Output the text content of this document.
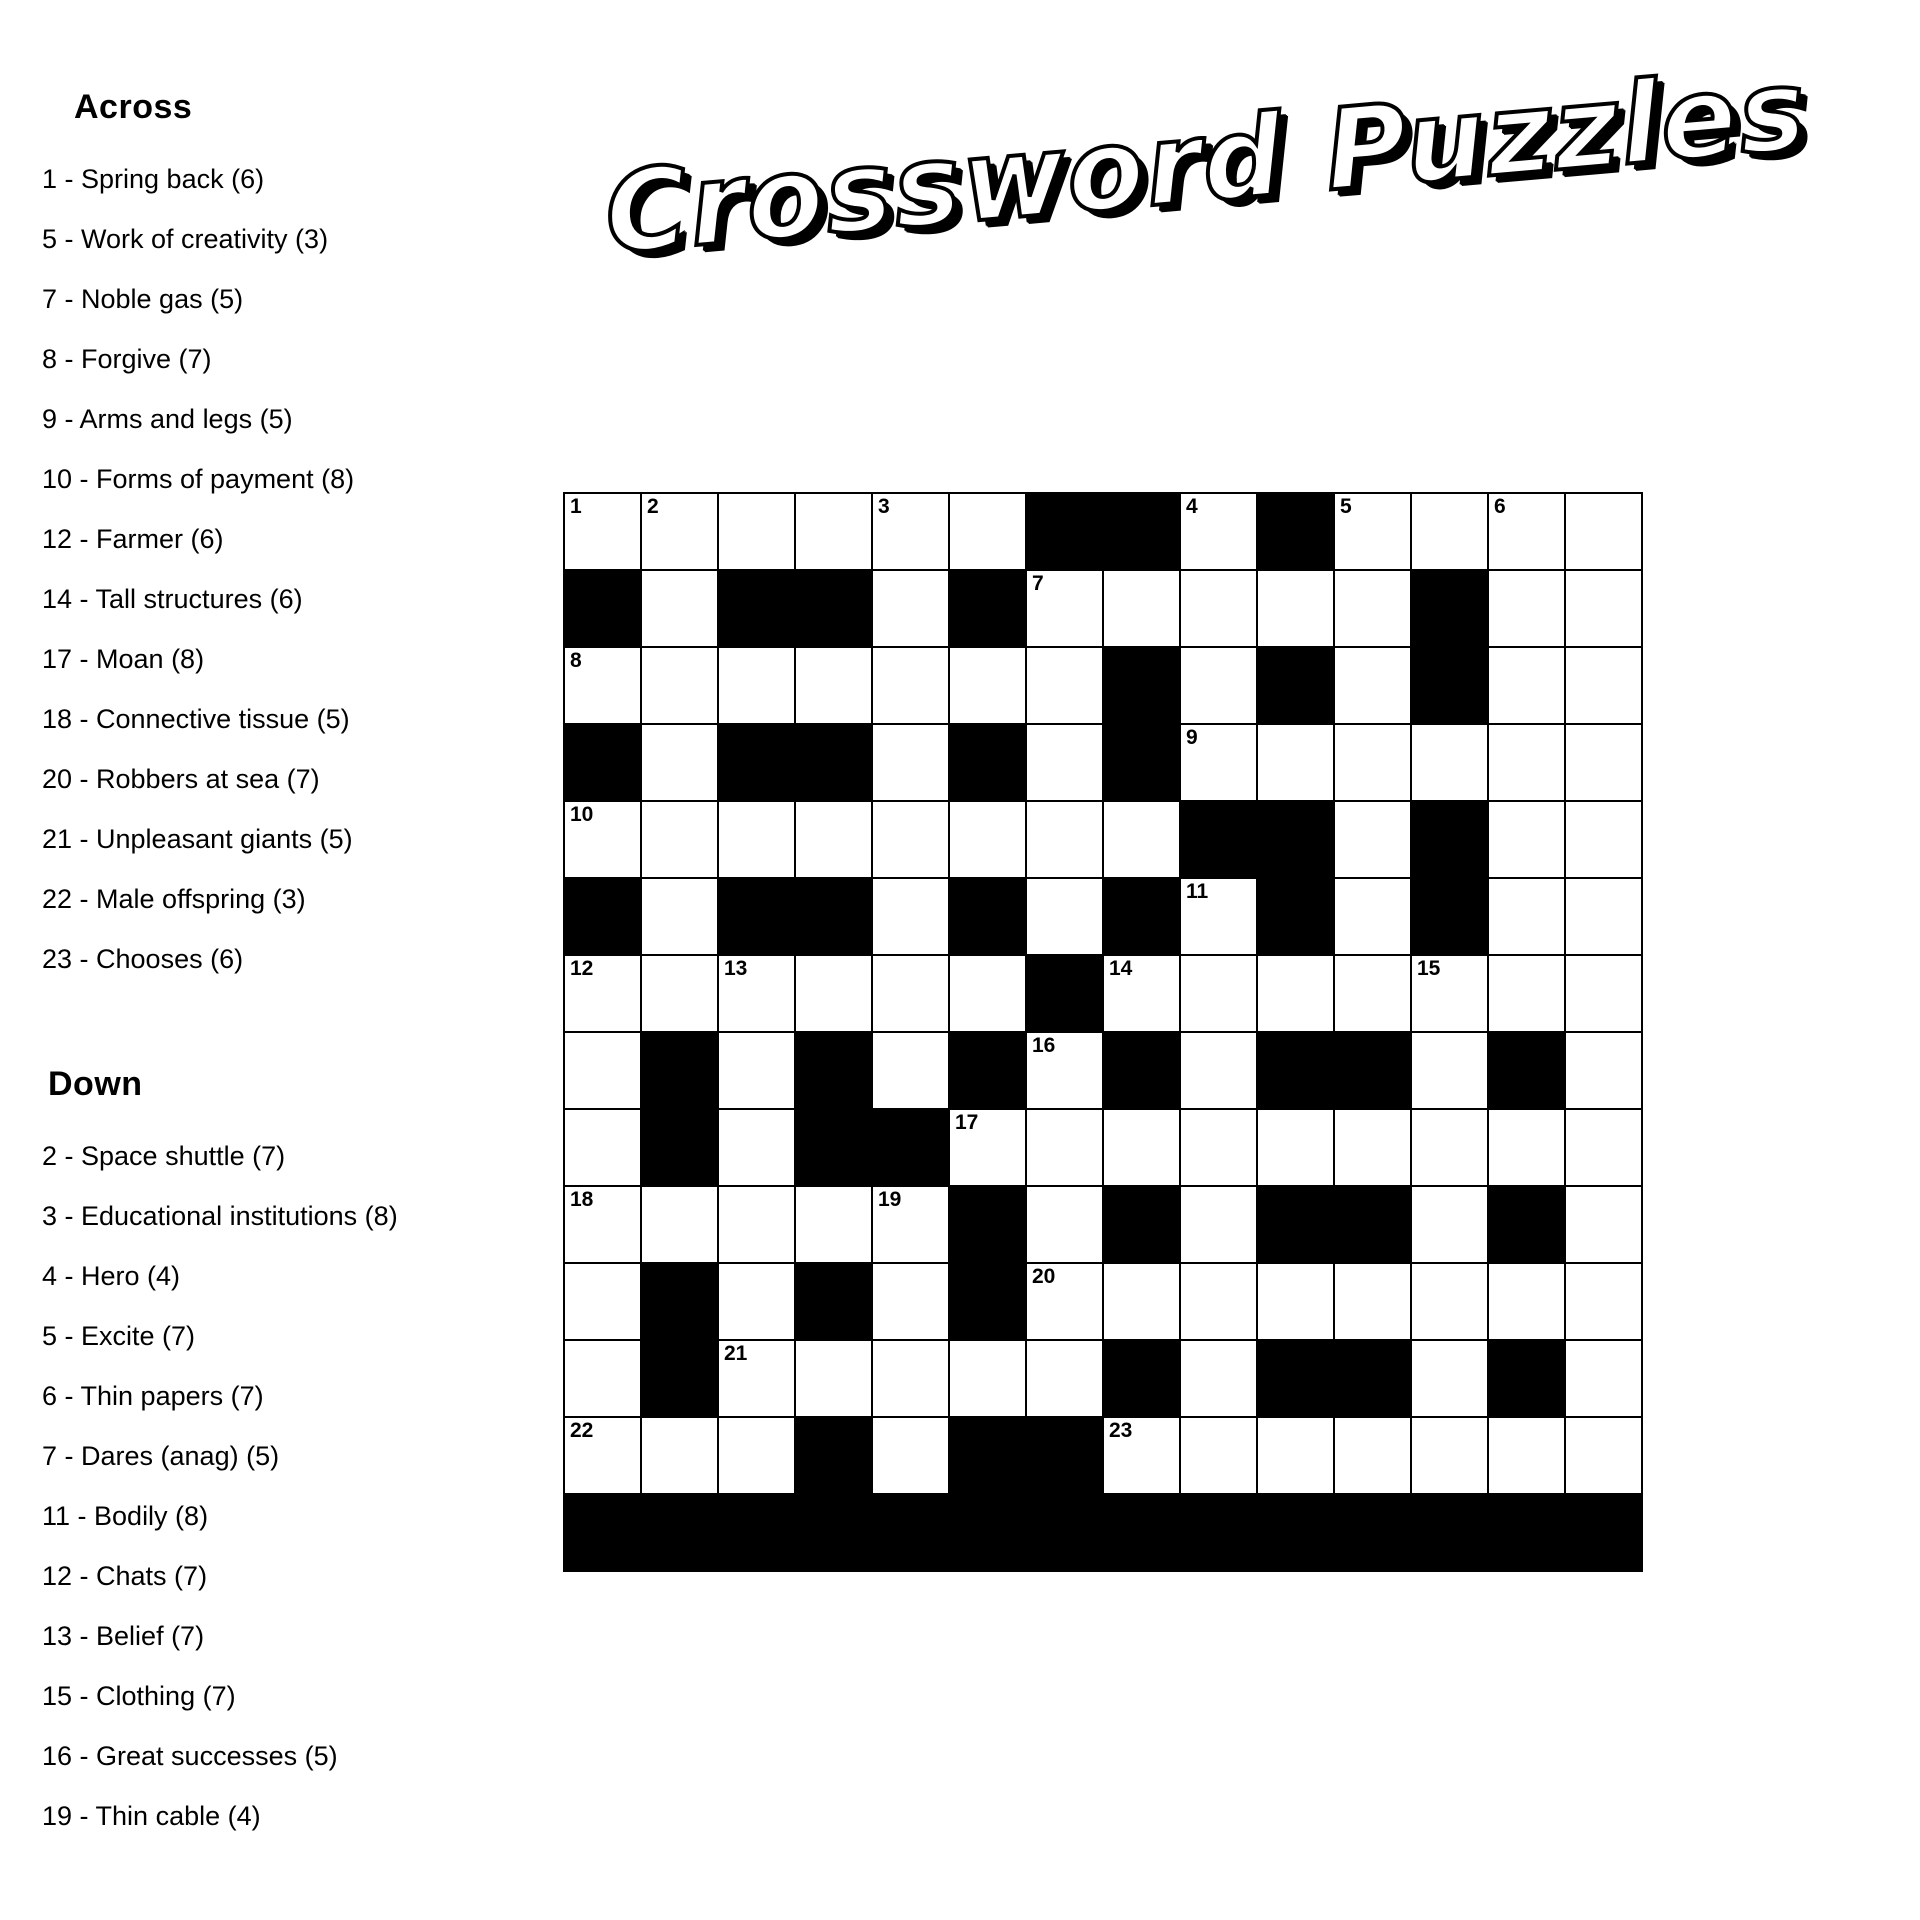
Across
1 - Spring back (6)
5 - Work of creativity (3)
7 - Noble gas (5)
8 - Forgive (7)
9 - Arms and legs (5)
10 - Forms of payment (8)
12 - Farmer (6)
14 - Tall structures (6)
17 - Moan (8)
18 - Connective tissue (5)
20 - Robbers at sea (7)
21 - Unpleasant giants (5)
22 - Male offspring (3)
23 - Chooses (6)
Down
2 - Space shuttle (7)
3 - Educational institutions (8)
4 - Hero (4)
5 - Excite (7)
6 - Thin papers (7)
7 - Dares (anag) (5)
11 - Bodily (8)
12 - Chats (7)
13 - Belief (7)
15 - Clothing (7)
16 - Great successes (5)
19 - Thin cable (4)
Crossword Puzzles
1	2			3				4		5		6	

						7							

8													

								9					

10													

								11					

12		13					14				15		

						16							

					17								

18				19									

						20							

		21											

22							23						
